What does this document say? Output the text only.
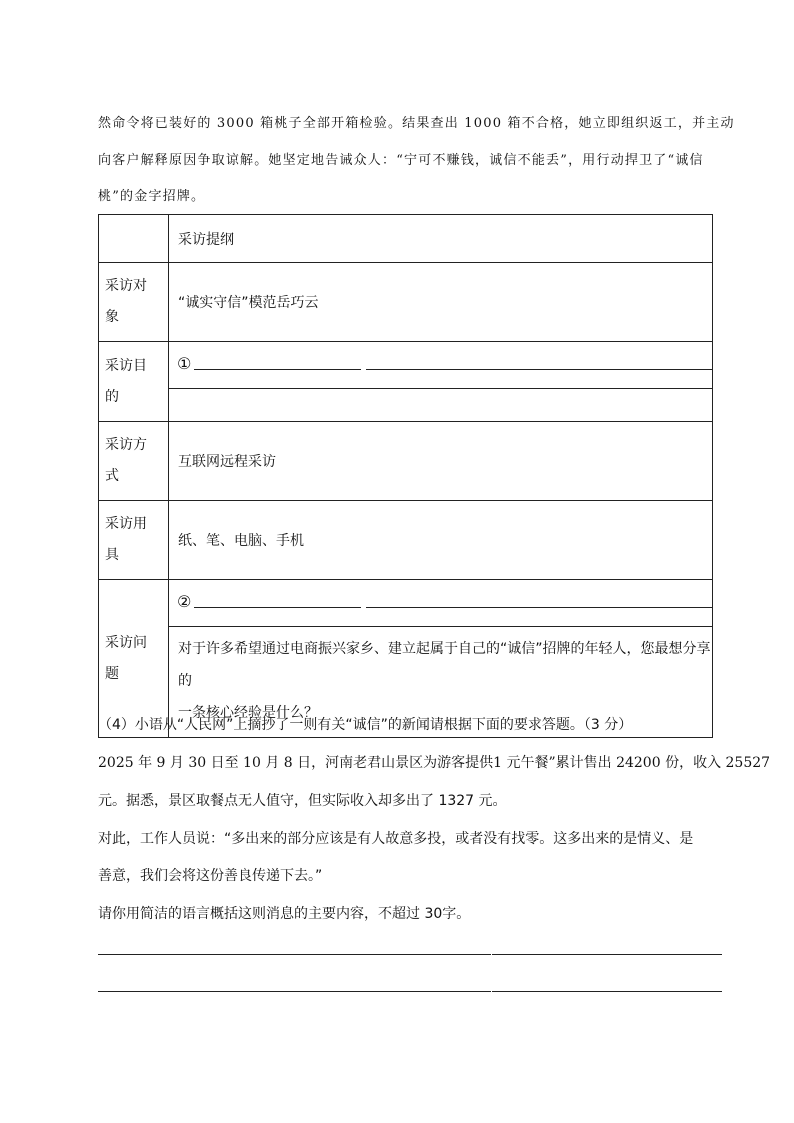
然命令将已装好的 3000 箱桃子全部开箱检验。结果查出 1000 箱不合格，她立即组织返工，并主动
向客户解释原因争取谅解。她坚定地告诫众人：“宁可不赚钱，诚信不能丢”，用行动捍卫了“诚信
桃”的金字招牌。
	采访提纲
采访对
象	“诚实守信”模范岳巧云
采访目
的	①

采访方
式	互联网远程采访
采访用
具	纸、笔、电脑、手机
采访问
题	②
对于许多希望通过电商振兴家乡、建立起属于自己的“诚信”招牌的年轻人，您最想分享的
一条核心经验是什么？
（4）小语从“人民网”上摘抄了一则有关“诚信”的新闻请根据下面的要求答题。（3 分）
2025 年 9 月 30 日至 10 月 8 日，河南老君山景区为游客提供1 元午餐”累计售出 24200 份，收入 25527
元。据悉，景区取餐点无人值守，但实际收入却多出了 1327 元。
对此，工作人员说：“多出来的部分应该是有人故意多投，或者没有找零。这多出来的是情义、是
善意，我们会将这份善良传递下去。”
请你用简洁的语言概括这则消息的主要内容，不超过 30字。
